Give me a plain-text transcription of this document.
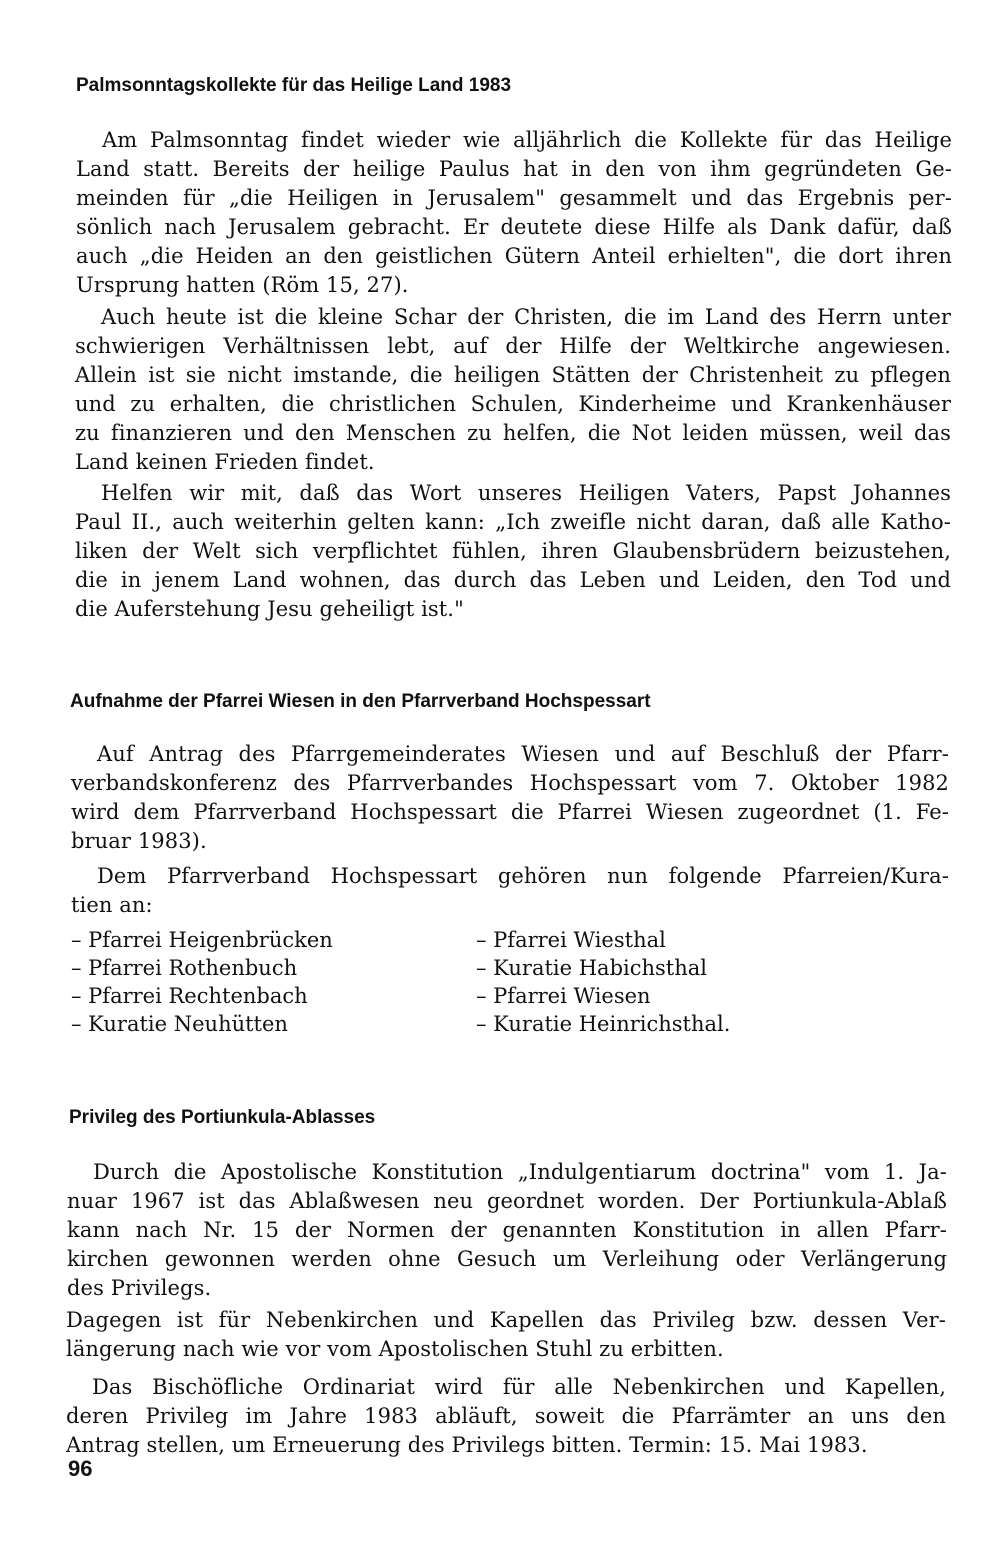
Palmsonntagskollekte für das Heilige Land 1983
Am Palmsonntag findet wieder wie alljährlich die Kollekte für das Heilige
Land statt. Bereits der heilige Paulus hat in den von ihm gegründeten Ge-
meinden für „die Heiligen in Jerusalem" gesammelt und das Ergebnis per-
sönlich nach Jerusalem gebracht. Er deutete diese Hilfe als Dank dafür, daß
auch „die Heiden an den geistlichen Gütern Anteil erhielten", die dort ihren
Ursprung hatten (Röm 15, 27).
Auch heute ist die kleine Schar der Christen, die im Land des Herrn unter
schwierigen Verhältnissen lebt, auf der Hilfe der Weltkirche angewiesen.
Allein ist sie nicht imstande, die heiligen Stätten der Christenheit zu pflegen
und zu erhalten, die christlichen Schulen, Kinderheime und Krankenhäuser
zu finanzieren und den Menschen zu helfen, die Not leiden müssen, weil das
Land keinen Frieden findet.
Helfen wir mit, daß das Wort unseres Heiligen Vaters, Papst Johannes
Paul II., auch weiterhin gelten kann: „Ich zweifle nicht daran, daß alle Katho-
liken der Welt sich verpflichtet fühlen, ihren Glaubensbrüdern beizustehen,
die in jenem Land wohnen, das durch das Leben und Leiden, den Tod und
die Auferstehung Jesu geheiligt ist."
Aufnahme der Pfarrei Wiesen in den Pfarrverband Hochspessart
Auf Antrag des Pfarrgemeinderates Wiesen und auf Beschluß der Pfarr-
verbandskonferenz des Pfarrverbandes Hochspessart vom 7. Oktober 1982
wird dem Pfarrverband Hochspessart die Pfarrei Wiesen zugeordnet (1. Fe-
bruar 1983).
Dem Pfarrverband Hochspessart gehören nun folgende Pfarreien/Kura-
tien an:
– Pfarrei Heigenbrücken
– Pfarrei Rothenbuch
– Pfarrei Rechtenbach
– Kuratie Neuhütten
– Pfarrei Wiesthal
– Kuratie Habichsthal
– Pfarrei Wiesen
– Kuratie Heinrichsthal.
Privileg des Portiunkula-Ablasses
Durch die Apostolische Konstitution „Indulgentiarum doctrina" vom 1. Ja-
nuar 1967 ist das Ablaßwesen neu geordnet worden. Der Portiunkula-Ablaß
kann nach Nr. 15 der Normen der genannten Konstitution in allen Pfarr-
kirchen gewonnen werden ohne Gesuch um Verleihung oder Verlängerung
des Privilegs.
Dagegen ist für Nebenkirchen und Kapellen das Privileg bzw. dessen Ver-
längerung nach wie vor vom Apostolischen Stuhl zu erbitten.
Das Bischöfliche Ordinariat wird für alle Nebenkirchen und Kapellen,
deren Privileg im Jahre 1983 abläuft, soweit die Pfarrämter an uns den
Antrag stellen, um Erneuerung des Privilegs bitten. Termin: 15. Mai 1983.
96
